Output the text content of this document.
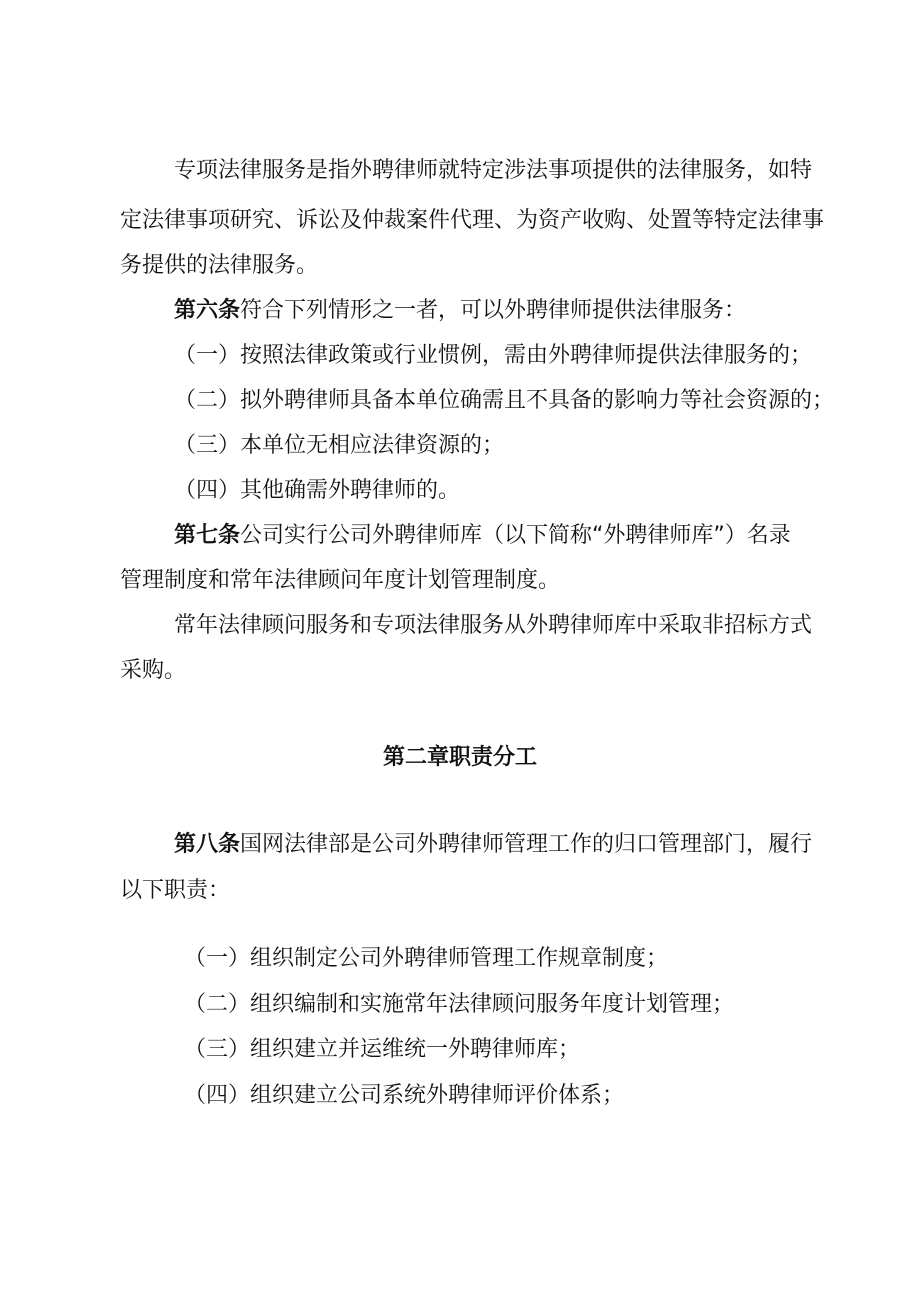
专项法律服务是指外聘律师就特定涉法事项提供的法律服务，如特
定法律事项研究、诉讼及仲裁案件代理、为资产收购、处置等特定法律事
务提供的法律服务。
第六条符合下列情形之一者，可以外聘律师提供法律服务：
（一）按照法律政策或行业惯例，需由外聘律师提供法律服务的；
（二）拟外聘律师具备本单位确需且不具备的影响力等社会资源的；
（三）本单位无相应法律资源的；
（四）其他确需外聘律师的。
第七条公司实行公司外聘律师库（以下简称“外聘律师库”）名录
管理制度和常年法律顾问年度计划管理制度。
常年法律顾问服务和专项法律服务从外聘律师库中采取非招标方式
采购。
第二章职责分工
第八条国网法律部是公司外聘律师管理工作的归口管理部门，履行
以下职责：
（一）组织制定公司外聘律师管理工作规章制度；
（二）组织编制和实施常年法律顾问服务年度计划管理；
（三）组织建立并运维统一外聘律师库；
（四）组织建立公司系统外聘律师评价体系；
